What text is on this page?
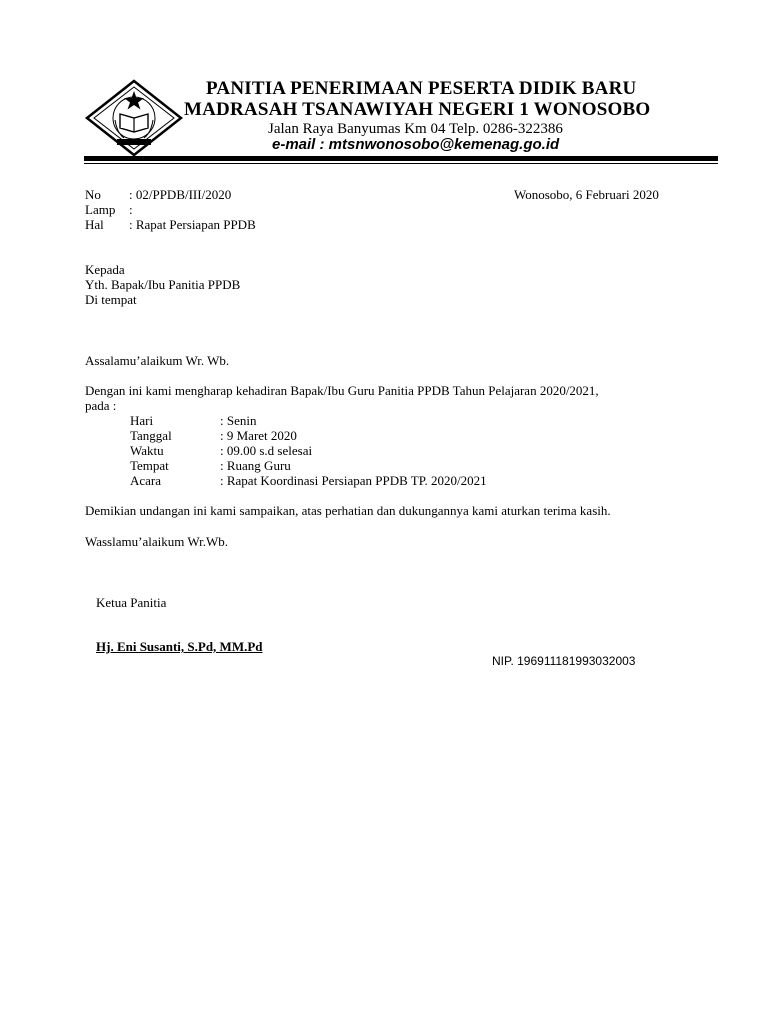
PANITIA PENERIMAAN PESERTA DIDIK BARU
MADRASAH TSANAWIYAH NEGERI 1 WONOSOBO
Jalan Raya Banyumas Km 04 Telp. 0286-322386
e-mail : mtsnwonosobo@kemenag.go.id
No : 02/PPDB/III/2020
Lamp :
Hal : Rapat Persiapan PPDB
Wonosobo, 6 Februari 2020
Kepada
Yth. Bapak/Ibu Panitia PPDB
Di tempat
Assalamu’alaikum Wr. Wb.
Dengan ini kami mengharap kehadiran Bapak/Ibu Guru Panitia PPDB Tahun Pelajaran 2020/2021,
pada :
Hari	: Senin
Tanggal	: 9 Maret 2020
Waktu	: 09.00 s.d selesai
Tempat	: Ruang Guru
Acara	: Rapat Koordinasi Persiapan PPDB TP. 2020/2021
Demikian undangan ini kami sampaikan, atas perhatian dan dukungannya kami aturkan terima kasih.
Wasslamu’alaikum Wr.Wb.
Ketua Panitia
Hj. Eni Susanti, S.Pd, MM.Pd
NIP. 196911181993032003
